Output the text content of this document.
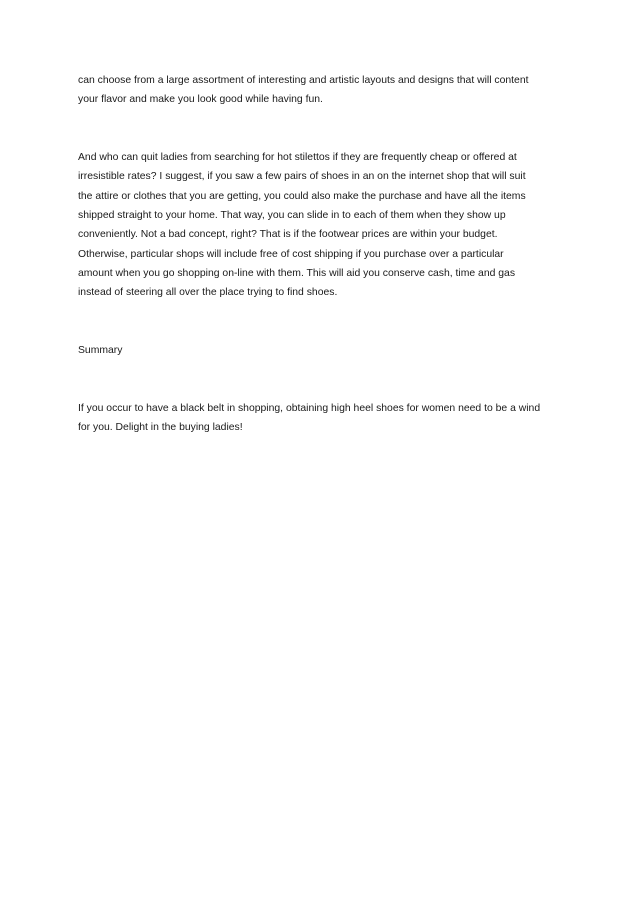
can choose from a large assortment of interesting and artistic layouts and designs that will content
your flavor and make you look good while having fun.

And who can quit ladies from searching for hot stilettos if they are frequently cheap or offered at
irresistible rates? I suggest, if you saw a few pairs of shoes in an on the internet shop that will suit
the attire or clothes that you are getting, you could also make the purchase and have all the items
shipped straight to your home. That way, you can slide in to each of them when they show up
conveniently. Not a bad concept, right? That is if the footwear prices are within your budget.
Otherwise, particular shops will include free of cost shipping if you purchase over a particular
amount when you go shopping on-line with them. This will aid you conserve cash, time and gas
instead of steering all over the place trying to find shoes.

Summary

If you occur to have a black belt in shopping, obtaining high heel shoes for women need to be a wind
for you. Delight in the buying ladies!
